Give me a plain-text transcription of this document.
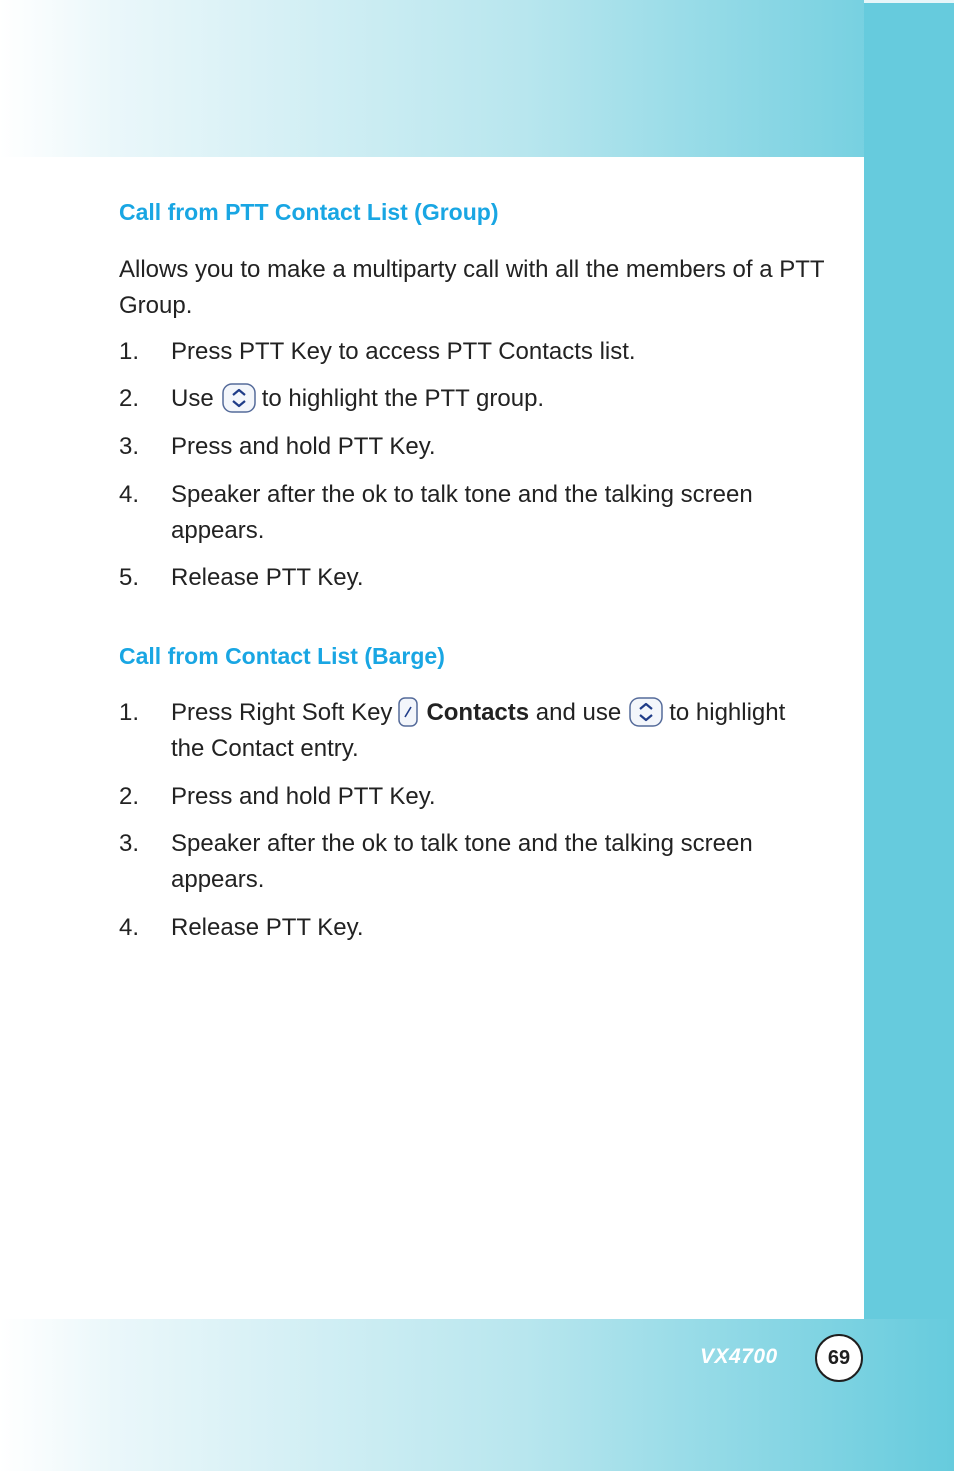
Call from PTT Contact List (Group)

Allows you to make a multiparty call with all the members of a PTT Group.

1. Press PTT Key to access PTT Contacts list.
2. Use to highlight the PTT group.
3. Press and hold PTT Key.
4. Speaker after the ok to talk tone and the talking screen appears.
5. Release PTT Key.
Call from Contact List (Barge)
1. Press Right Soft Key Contacts and use to highlight the Contact entry.
2. Press and hold PTT Key.
3. Speaker after the ok to talk tone and the talking screen appears.
4. Release PTT Key.
VX4700	69
